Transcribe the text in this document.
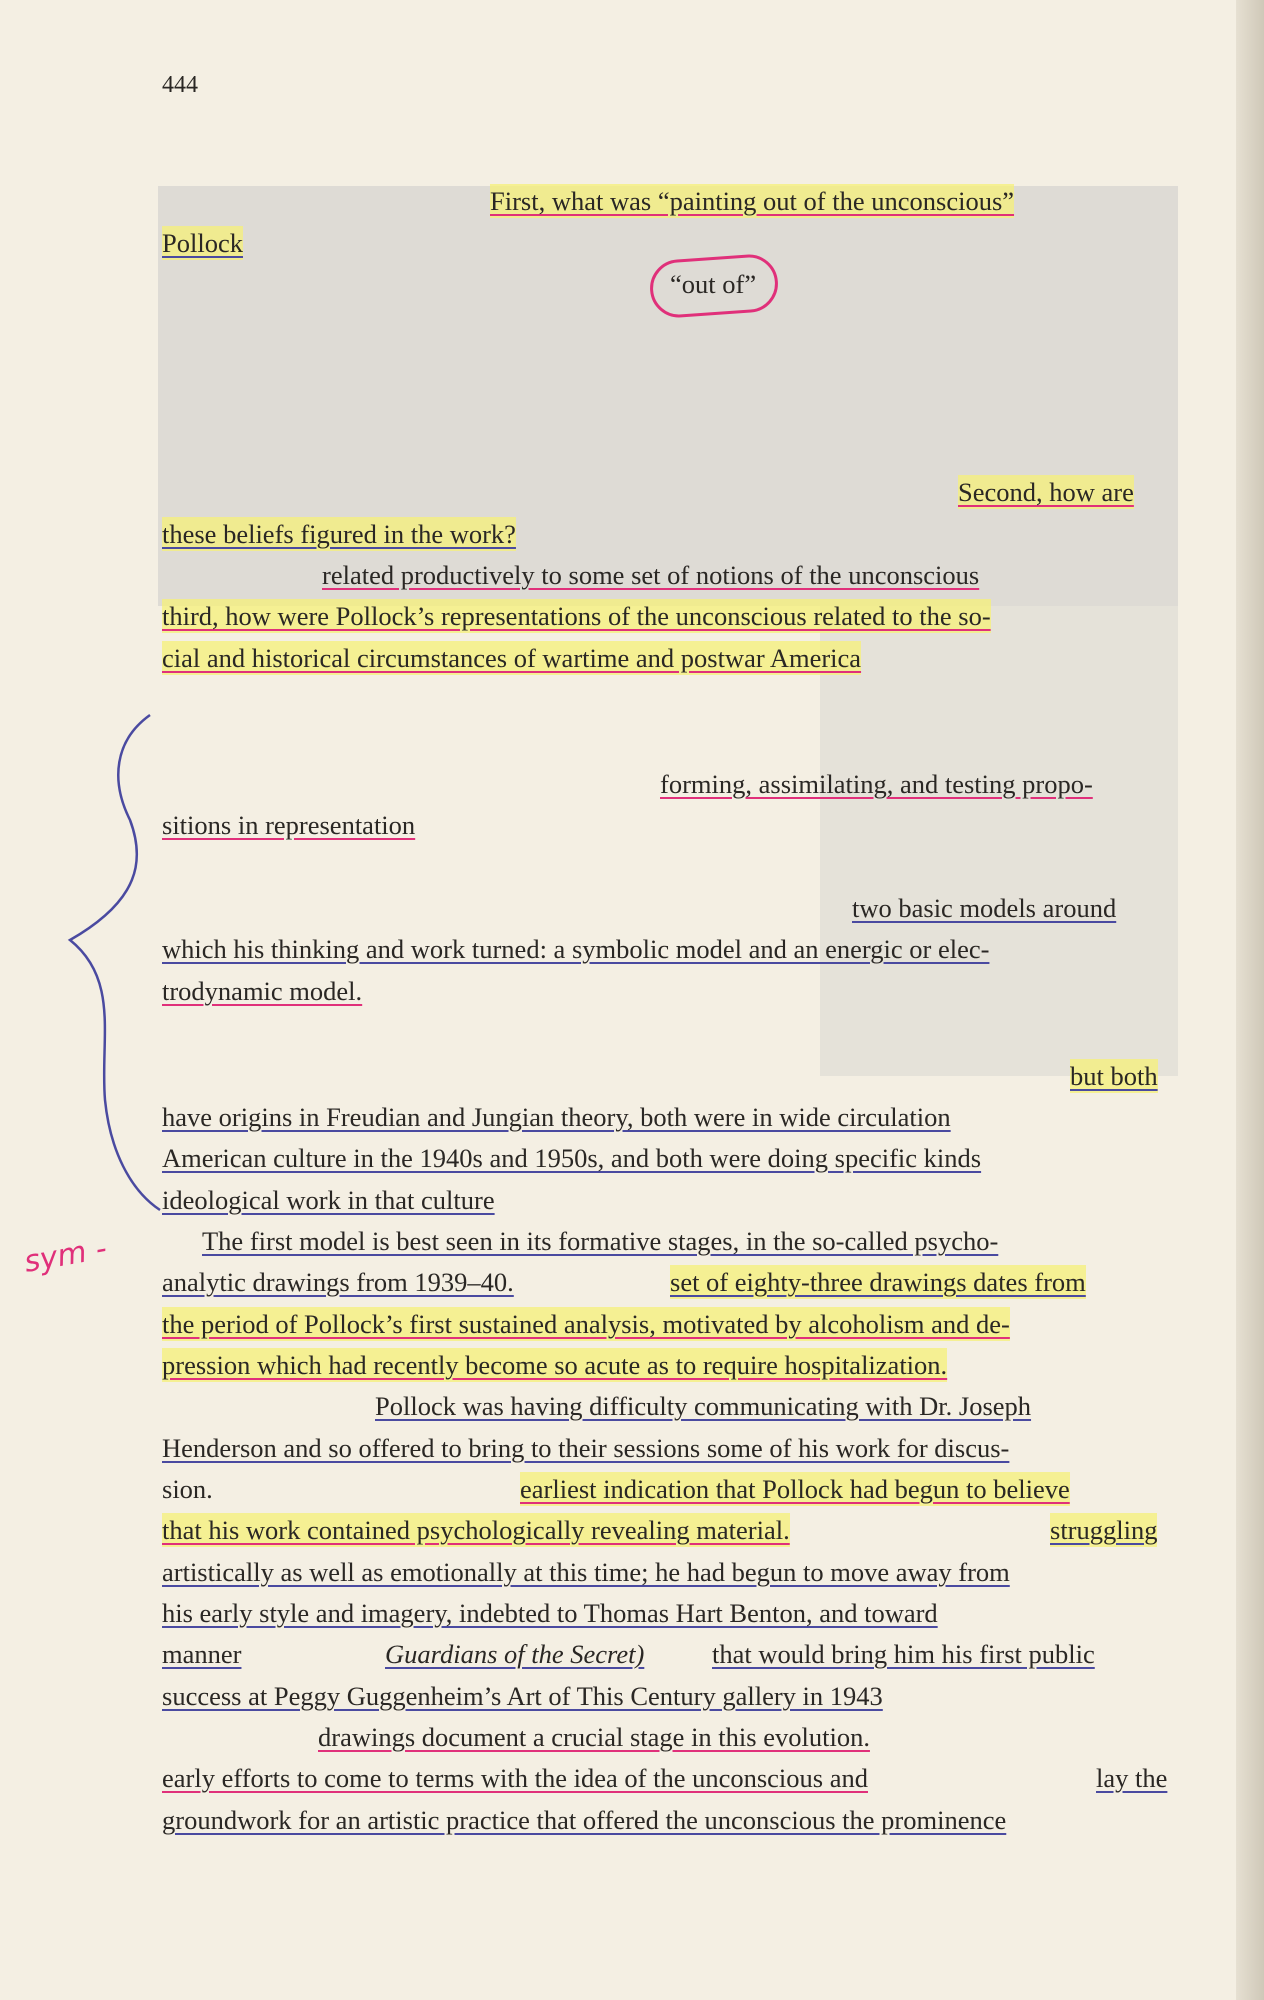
444
First, what was “painting out of the unconscious”
Pollock
“out of”
Second, how are
these beliefs figured in the work?
related productively to some set of notions of the unconscious
third, how were Pollock’s representations of the unconscious related to the so-
cial and historical circumstances of wartime and postwar America
forming, assimilating, and testing propo-
sitions in representation
two basic models around
which his thinking and work turned: a symbolic model and an energic or elec-
trodynamic model.
but both
have origins in Freudian and Jungian theory, both were in wide circulation
American culture in the 1940s and 1950s, and both were doing specific kinds
ideological work in that culture
The first model is best seen in its formative stages, in the so-called psycho-
analytic drawings from 1939–40.	set of eighty-three drawings dates from
the period of Pollock’s first sustained analysis, motivated by alcoholism and de-
pression which had recently become so acute as to require hospitalization.
Pollock was having difficulty communicating with Dr. Joseph
Henderson and so offered to bring to their sessions some of his work for discus-
sion.	earliest indication that Pollock had begun to believe
that his work contained psychologically revealing material.	struggling
artistically as well as emotionally at this time; he had begun to move away from
his early style and imagery, indebted to Thomas Hart Benton, and toward
manner	Guardians of the Secret)	that would bring him his first public
success at Peggy Guggenheim’s Art of This Century gallery in 1943
drawings document a crucial stage in this evolution.
early efforts to come to terms with the idea of the unconscious and	lay the
groundwork for an artistic practice that offered the unconscious the prominence
sym -
